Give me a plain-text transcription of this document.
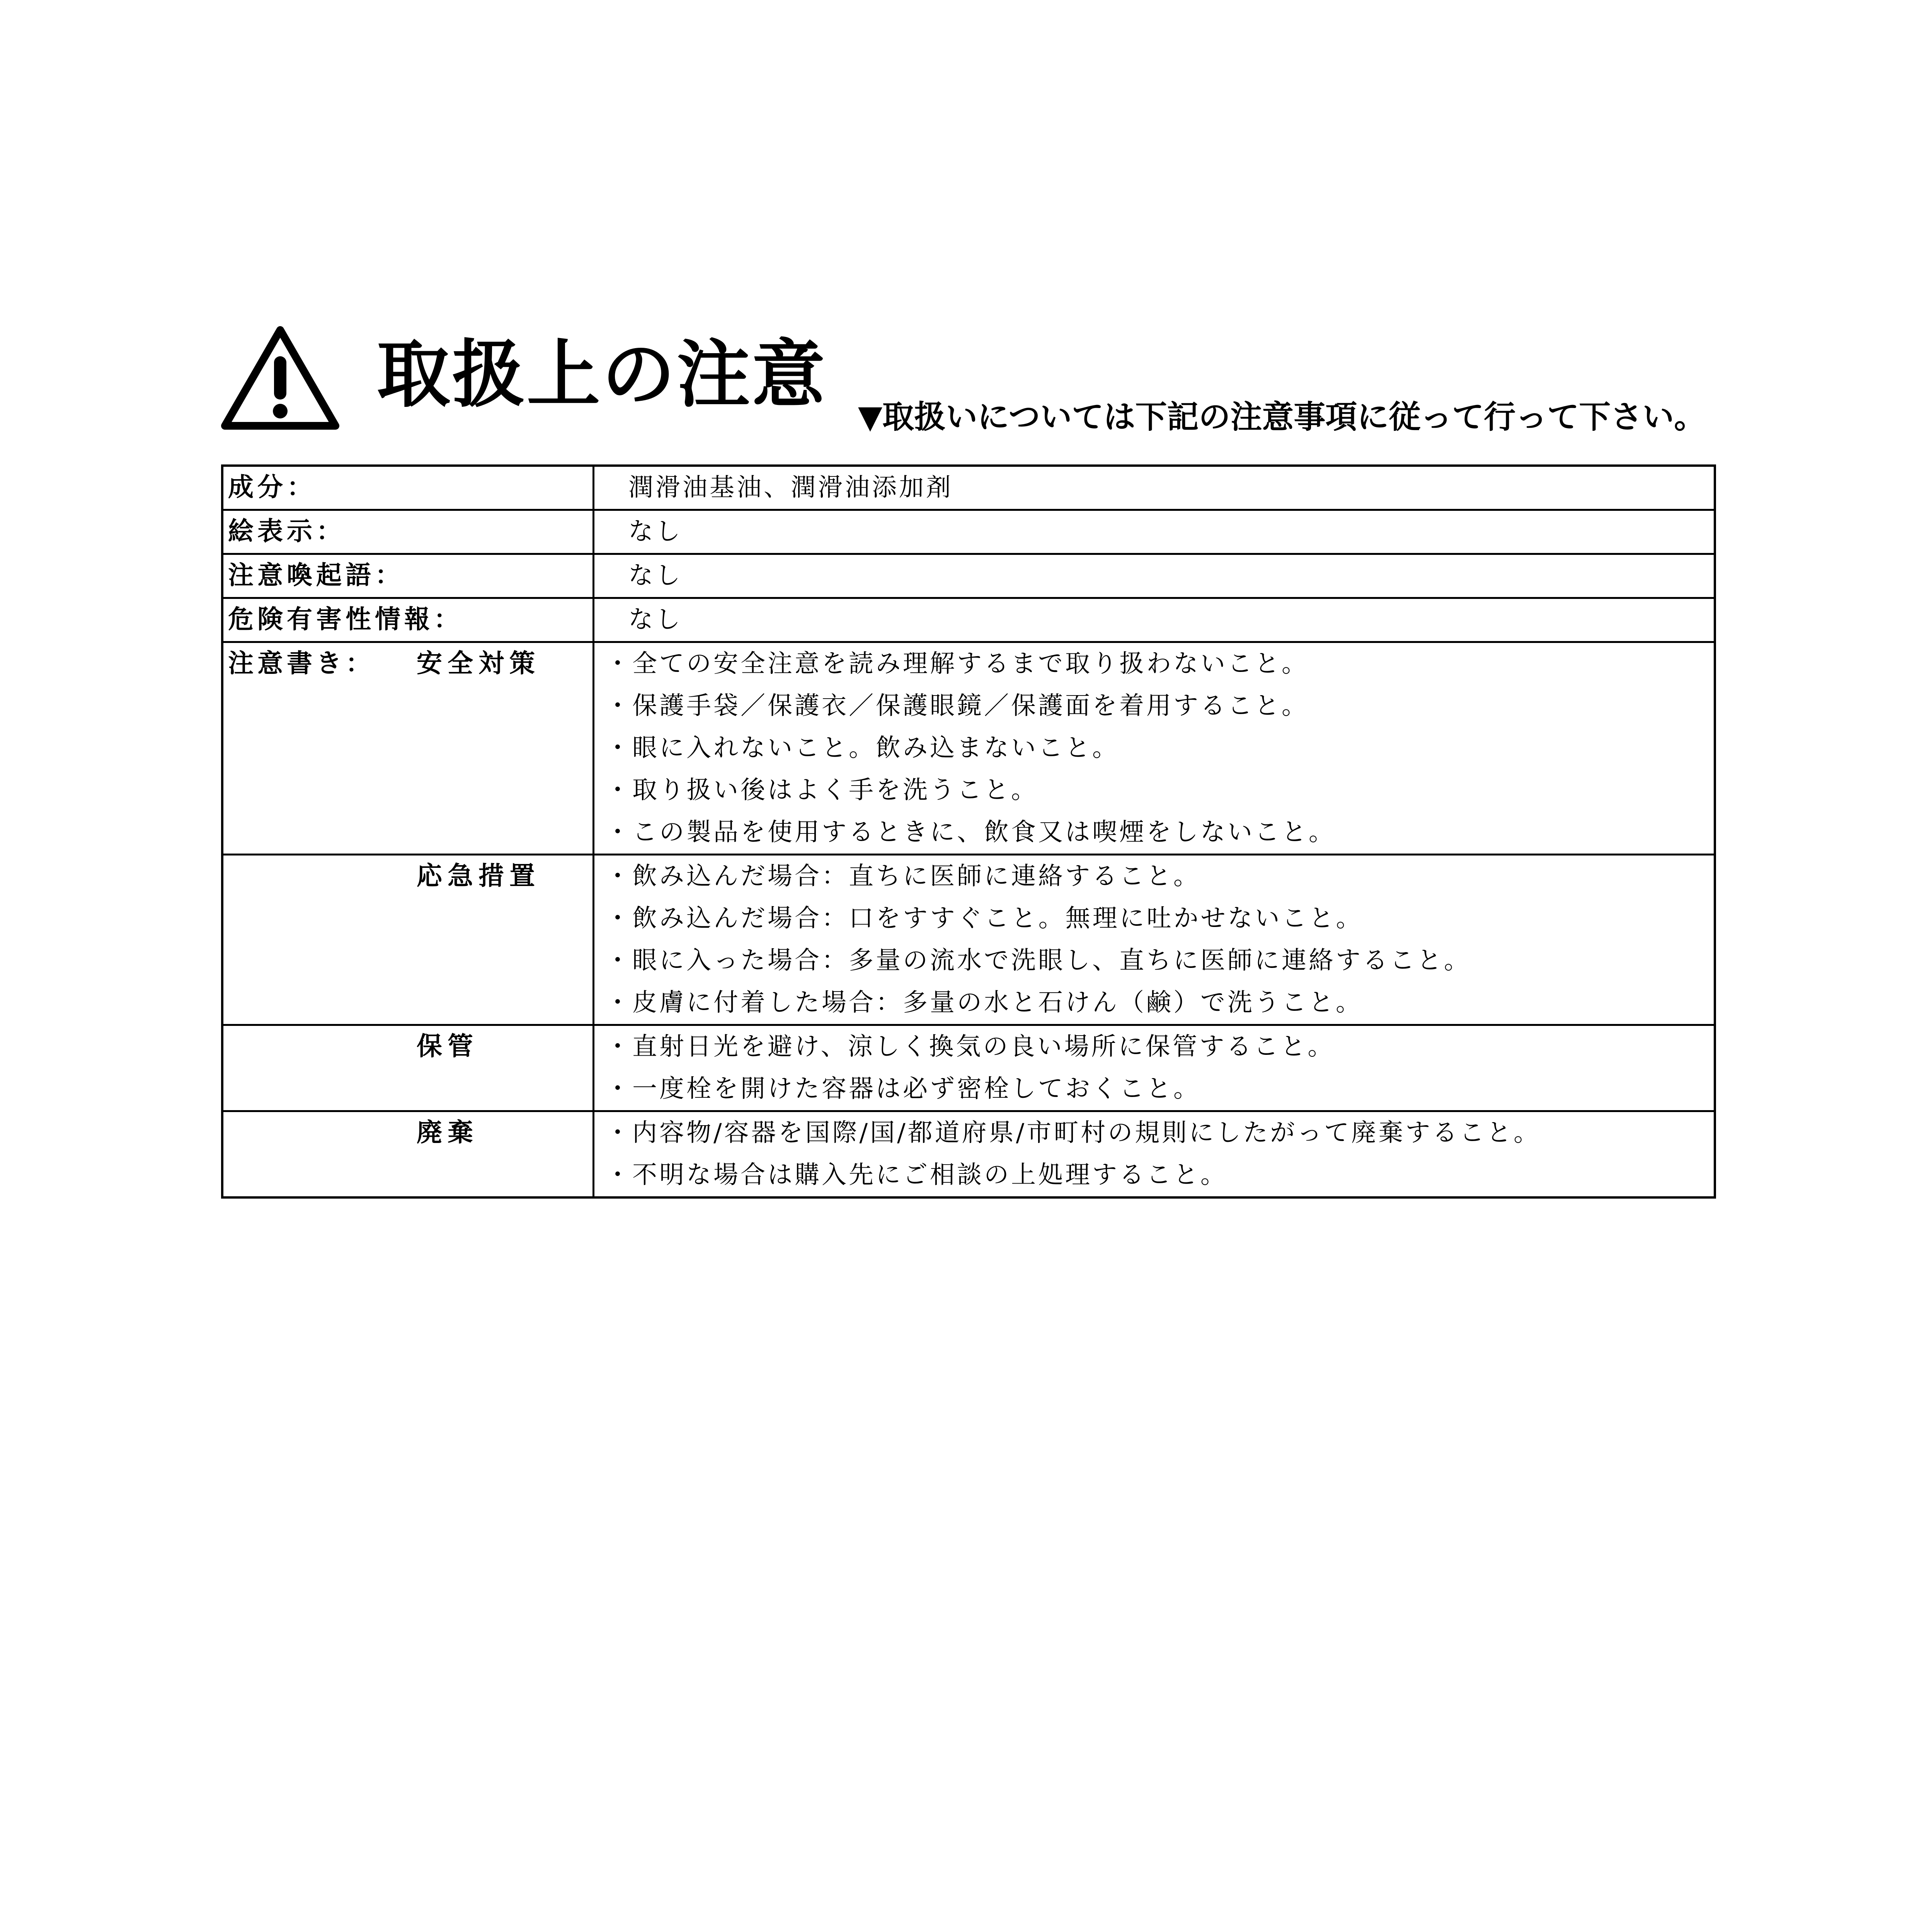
取扱上の注意 ▼取扱いについては下記の注意事項に従って行って下さい。
成分：	潤滑油基油、潤滑油添加剤
絵表示：	なし
注意喚起語：	なし
危険有害性情報：	なし
注意書き：	安全対策	・全ての安全注意を読み理解するまで取り扱わないこと。
・保護手袋／保護衣／保護眼鏡／保護面を着用すること。
・眼に入れないこと。飲み込まないこと。
・取り扱い後はよく手を洗うこと。
・この製品を使用するときに、飲食又は喫煙をしないこと。
応急措置	・飲み込んだ場合：直ちに医師に連絡すること。
・飲み込んだ場合：口をすすぐこと。無理に吐かせないこと。
・眼に入った場合：多量の流水で洗眼し、直ちに医師に連絡すること。
・皮膚に付着した場合：多量の水と石けん（鹸）で洗うこと。
保管	・直射日光を避け、涼しく換気の良い場所に保管すること。
・一度栓を開けた容器は必ず密栓しておくこと。
廃棄	・内容物/容器を国際/国/都道府県/市町村の規則にしたがって廃棄すること。
・不明な場合は購入先にご相談の上処理すること。
